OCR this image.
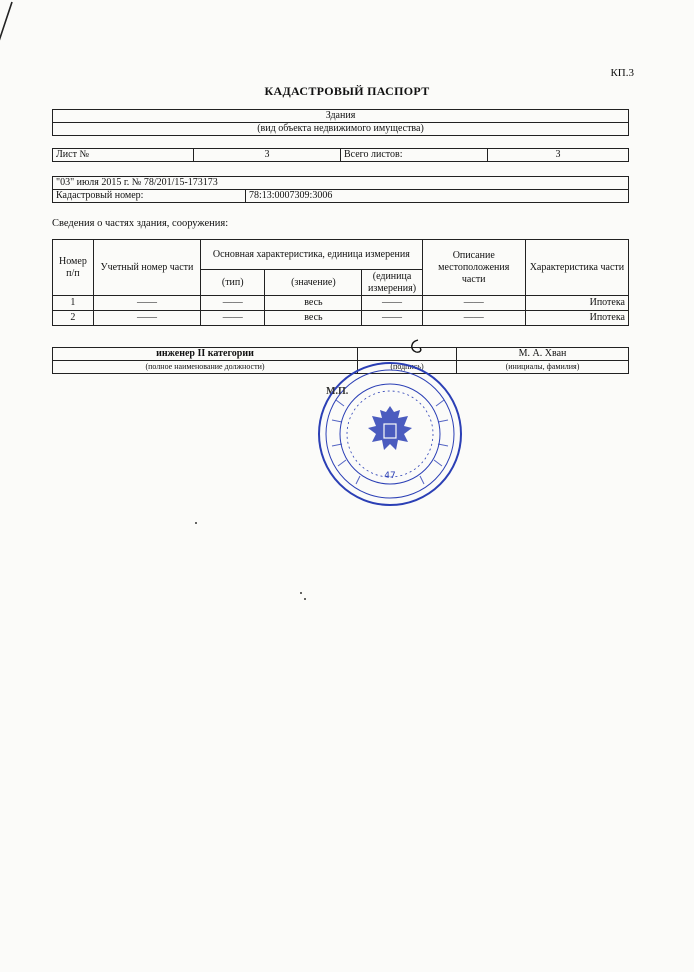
КП.3
КАДАСТРОВЫЙ ПАСПОРТ
Здания
(вид объекта недвижимого имущества)
Лист №	3	Всего листов:	3
"03" июля 2015 г. № 78/201/15-173173
Кадастровый номер:	78:13:0007309:3006
Сведения о частях здания, сооружения:
Номер п/п	Учетный номер части	Основная характеристика, единица измерения			Описание местоположения части	Характеристика части
		(тип)	(значение)	(единица измерения)		
1	——	——	весь	——	——	Ипотека
2	——	——	весь	——	——	Ипотека
инженер II категории		М. А. Хван
(полное наименование должности)	(подпись)	(инициалы, фамилия)
47
М.П.
